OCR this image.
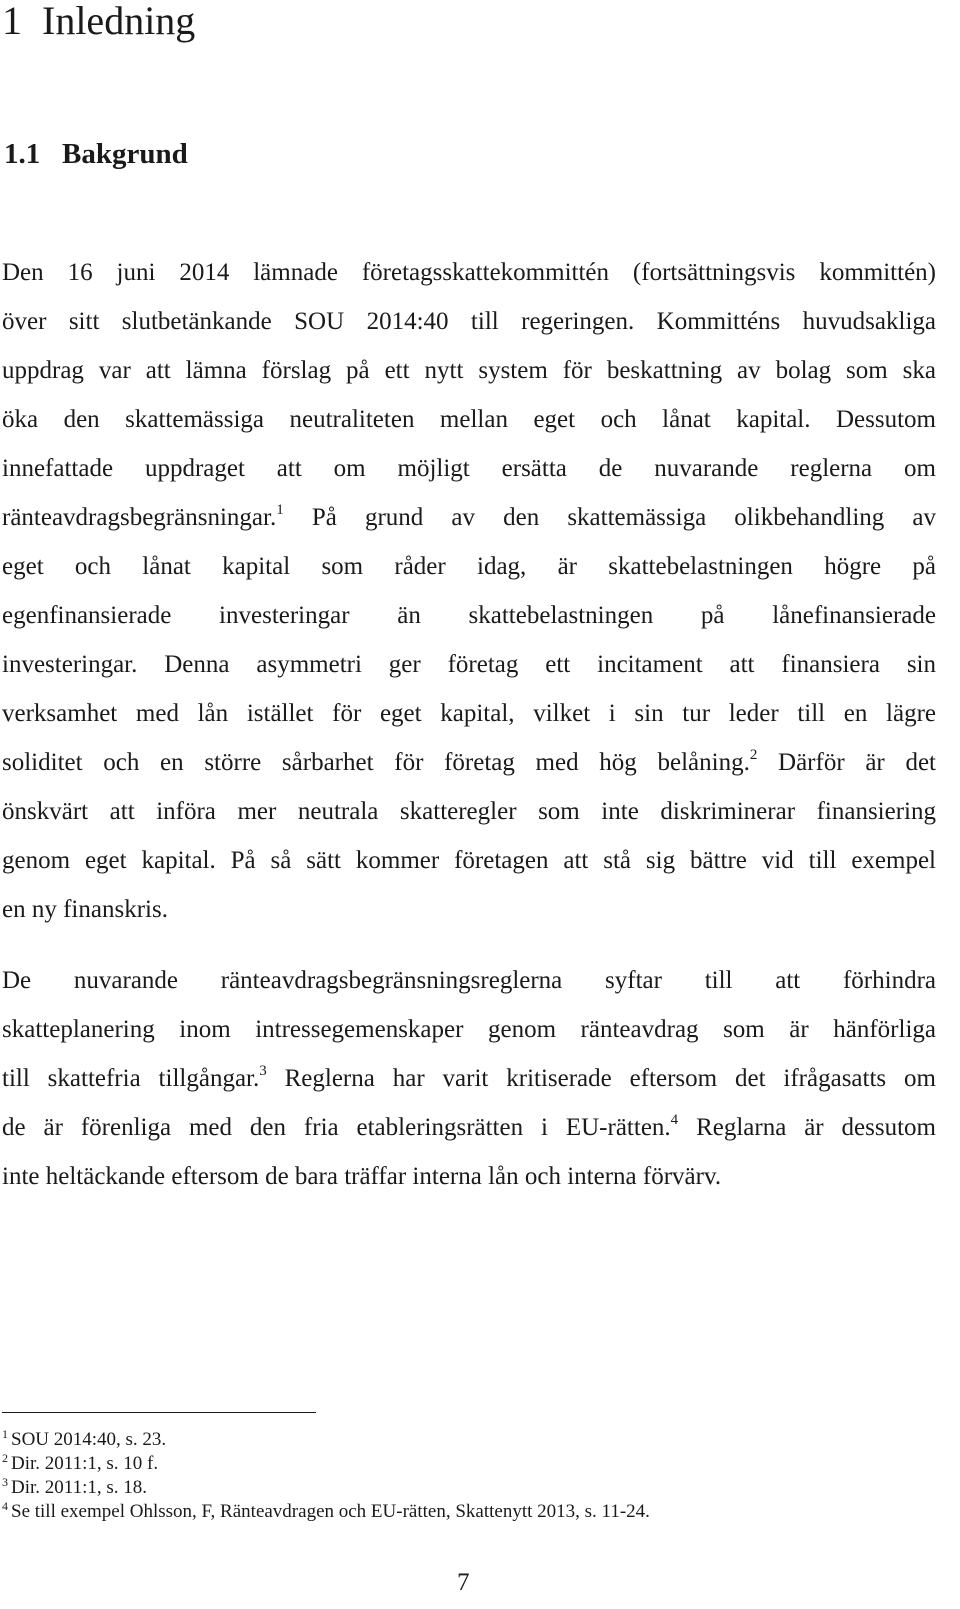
1 Inledning
1.1 Bakgrund
Den 16 juni 2014 lämnade företagsskattekommittén (fortsättningsvis kommittén)
över sitt slutbetänkande SOU 2014:40 till regeringen. Kommitténs huvudsakliga
uppdrag var att lämna förslag på ett nytt system för beskattning av bolag som ska
öka den skattemässiga neutraliteten mellan eget och lånat kapital. Dessutom
innefattade uppdraget att om möjligt ersätta de nuvarande reglerna om
ränteavdragsbegränsningar.$^1$ På grund av den skattemässiga olikbehandling av
eget och lånat kapital som råder idag, är skattebelastningen högre på
egenfinansierade investeringar än skattebelastningen på lånefinansierade
investeringar. Denna asymmetri ger företag ett incitament att finansiera sin
verksamhet med lån istället för eget kapital, vilket i sin tur leder till en lägre
soliditet och en större sårbarhet för företag med hög belåning.$^2$ Därför är det
önskvärt att införa mer neutrala skatteregler som inte diskriminerar finansiering
genom eget kapital. På så sätt kommer företagen att stå sig bättre vid till exempel
en ny finanskris.
De nuvarande ränteavdragsbegränsningsreglerna syftar till att förhindra
skatteplanering inom intressegemenskaper genom ränteavdrag som är hänförliga
till skattefria tillgångar.$^3$ Reglerna har varit kritiserade eftersom det ifrågasatts om
de är förenliga med den fria etableringsrätten i EU-rätten.$^4$ Reglarna är dessutom
inte heltäckande eftersom de bara träffar interna lån och interna förvärv.
$^1$ SOU 2014:40, s. 23.
$^2$ Dir. 2011:1, s. 10 f.
$^3$ Dir. 2011:1, s. 18.
$^4$ Se till exempel Ohlsson, F, Ränteavdragen och EU-rätten, Skattenytt 2013, s. 11-24.
7
